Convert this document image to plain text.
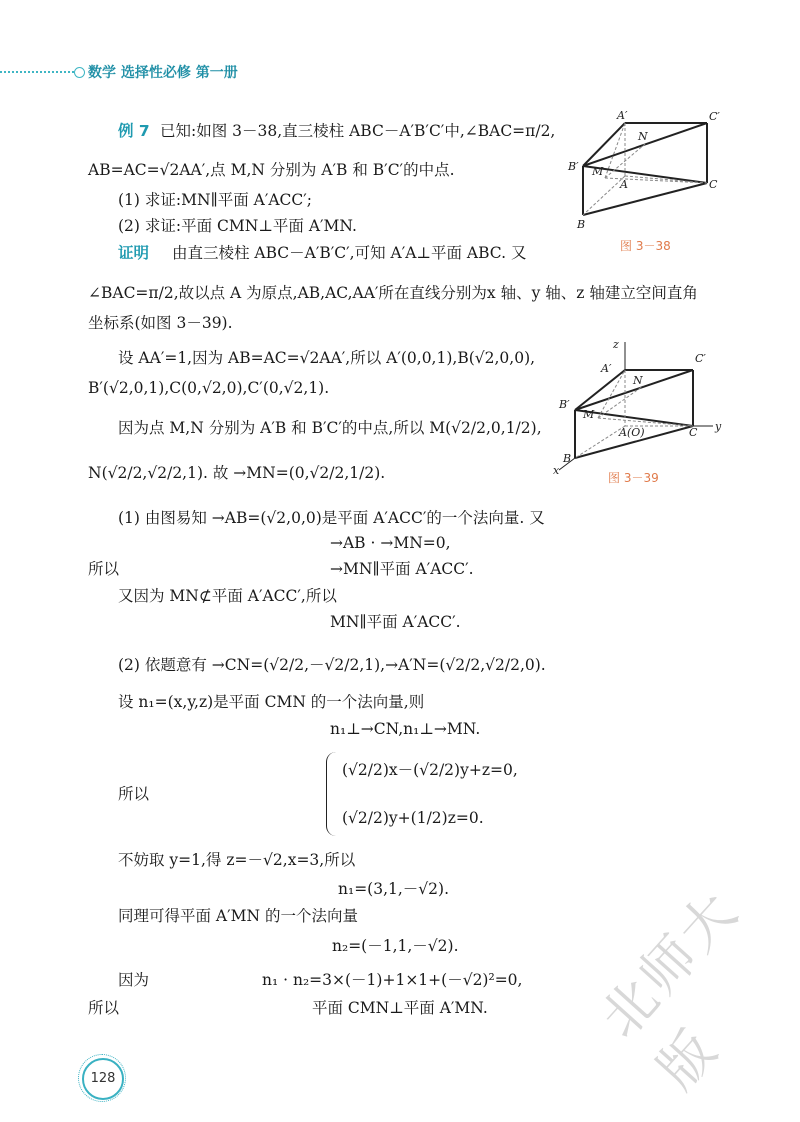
数学 选择性必修 第一册
例 7 已知:如图 3－38,直三棱柱 ABC－A′B′C′中,∠BAC=π/2,
AB=AC=√2AA′,点 M,N 分别为 A′B 和 B′C′的中点.
(1) 求证:MN∥平面 A′ACC′;
(2) 求证:平面 CMN⊥平面 A′MN.
A′	C′
N
B′ M
A	C
B
图 3－38
证明 由直三棱柱 ABC－A′B′C′,可知 A′A⊥平面 ABC. 又
∠BAC=π/2,故以点 A 为原点,AB,AC,AA′所在直线分别为x 轴、y 轴、z 轴建立空间直角
坐标系(如图 3－39).
设 AA′=1,因为 AB=AC=√2AA′,所以 A′(0,0,1),B(√2,0,0),
B′(√2,0,1),C(0,√2,0),C′(0,√2,1).
因为点 M,N 分别为 A′B 和 B′C′的中点,所以 M(√2/2,0,1/2),
N(√2/2,√2/2,1). 故 →MN=(0,√2/2,1/2).
z
A′
C′
N
B′
M
A(O)	C y
B
x
图 3－39
(1) 由图易知 →AB=(√2,0,0)是平面 A′ACC′的一个法向量. 又
→AB · →MN=0,
所以	→MN∥平面 A′ACC′.
又因为 MN⊄平面 A′ACC′,所以
MN∥平面 A′ACC′.
(2) 依题意有 →CN=(√2/2,－√2/2,1),→A′N=(√2/2,√2/2,0).
设 n₁=(x,y,z)是平面 CMN 的一个法向量,则
n₁⊥→CN,n₁⊥→MN.
所以
(√2/2)x－(√2/2)y+z=0,
(√2/2)y+(1/2)z=0.
不妨取 y=1,得 z=－√2,x=3,所以
n₁=(3,1,－√2).
同理可得平面 A′MN 的一个法向量
n₂=(－1,1,－√2).
因为	n₁ · n₂=3×(－1)+1×1+(－√2)²=0,
所以	平面 CMN⊥平面 A′MN.
128
北师大版
